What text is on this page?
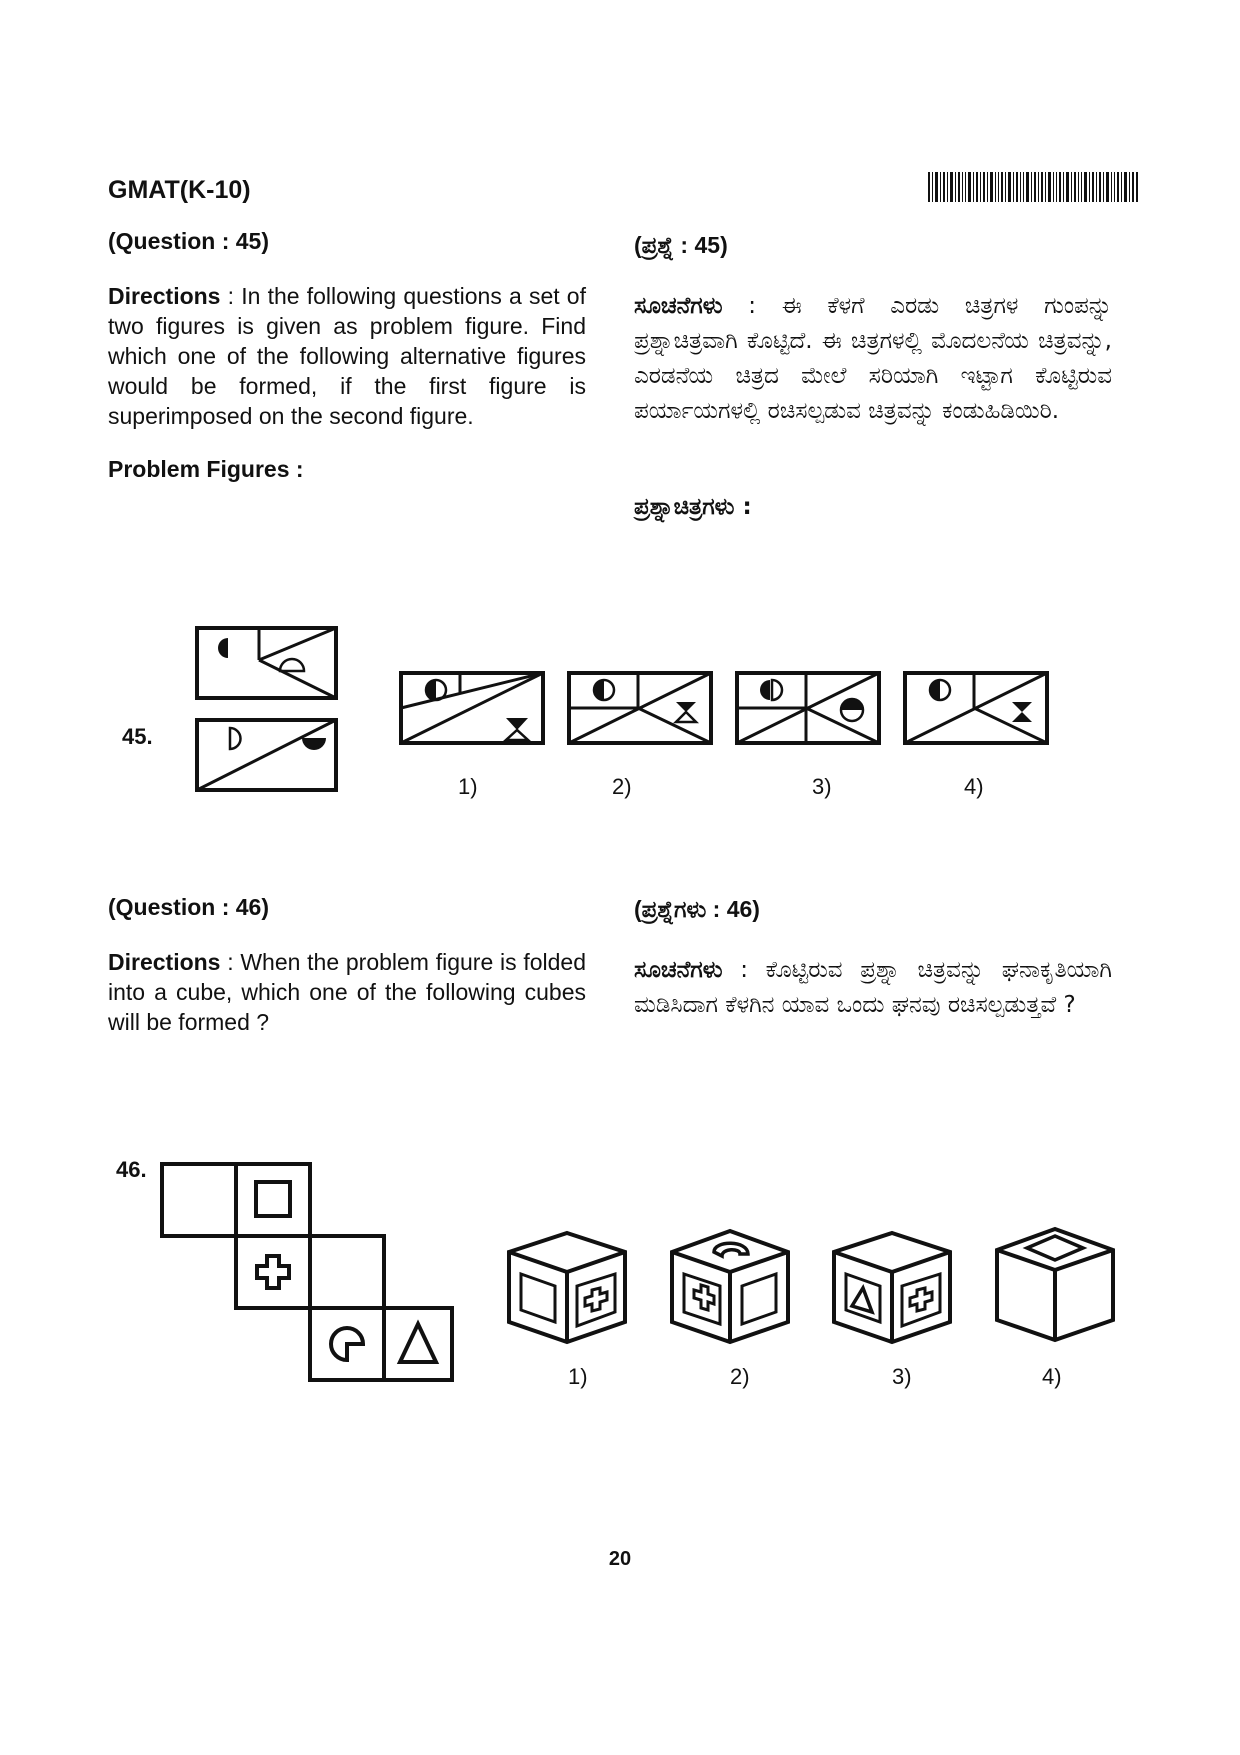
GMAT(K-10)
(Question : 45)	(ಪ್ರಶ್ನೆ : 45)
Directions : In the following questions a set of two figures is given as problem figure. Find which one of the following alternative figures would be formed, if the first figure is superimposed on the second figure.
ಸೂಚನೆಗಳು : ಈ ಕೆಳಗೆ ಎರಡು ಚಿತ್ರಗಳ ಗುಂಪನ್ನು ಪ್ರಶ್ನಾಚಿತ್ರವಾಗಿ ಕೊಟ್ಟಿದೆ. ಈ ಚಿತ್ರಗಳಲ್ಲಿ ಮೊದಲನೆಯ ಚಿತ್ರವನ್ನು, ಎರಡನೆಯ ಚಿತ್ರದ ಮೇಲೆ ಸರಿಯಾಗಿ ಇಟ್ಟಾಗ ಕೊಟ್ಟಿರುವ ಪರ್ಯಾಯಗಳಲ್ಲಿ ರಚಿಸಲ್ಪಡುವ ಚಿತ್ರವನ್ನು ಕಂಡುಹಿಡಿಯಿರಿ.
Problem Figures :
ಪ್ರಶ್ನಾಚಿತ್ರಗಳು :
45.
1)	2)	3)	4)
(Question : 46)	(ಪ್ರಶ್ನೆಗಳು : 46)
Directions : When the problem figure is folded into a cube, which one of the following cubes will be formed ?
ಸೂಚನೆಗಳು : ಕೊಟ್ಟಿರುವ ಪ್ರಶ್ನಾ ಚಿತ್ರವನ್ನು ಘನಾಕೃತಿಯಾಗಿ ಮಡಿಸಿದಾಗ ಕೆಳಗಿನ ಯಾವ ಒಂದು ಘನವು ರಚಿಸಲ್ಪಡುತ್ತವೆ ?
46.
1)	2)	3)	4)
20
